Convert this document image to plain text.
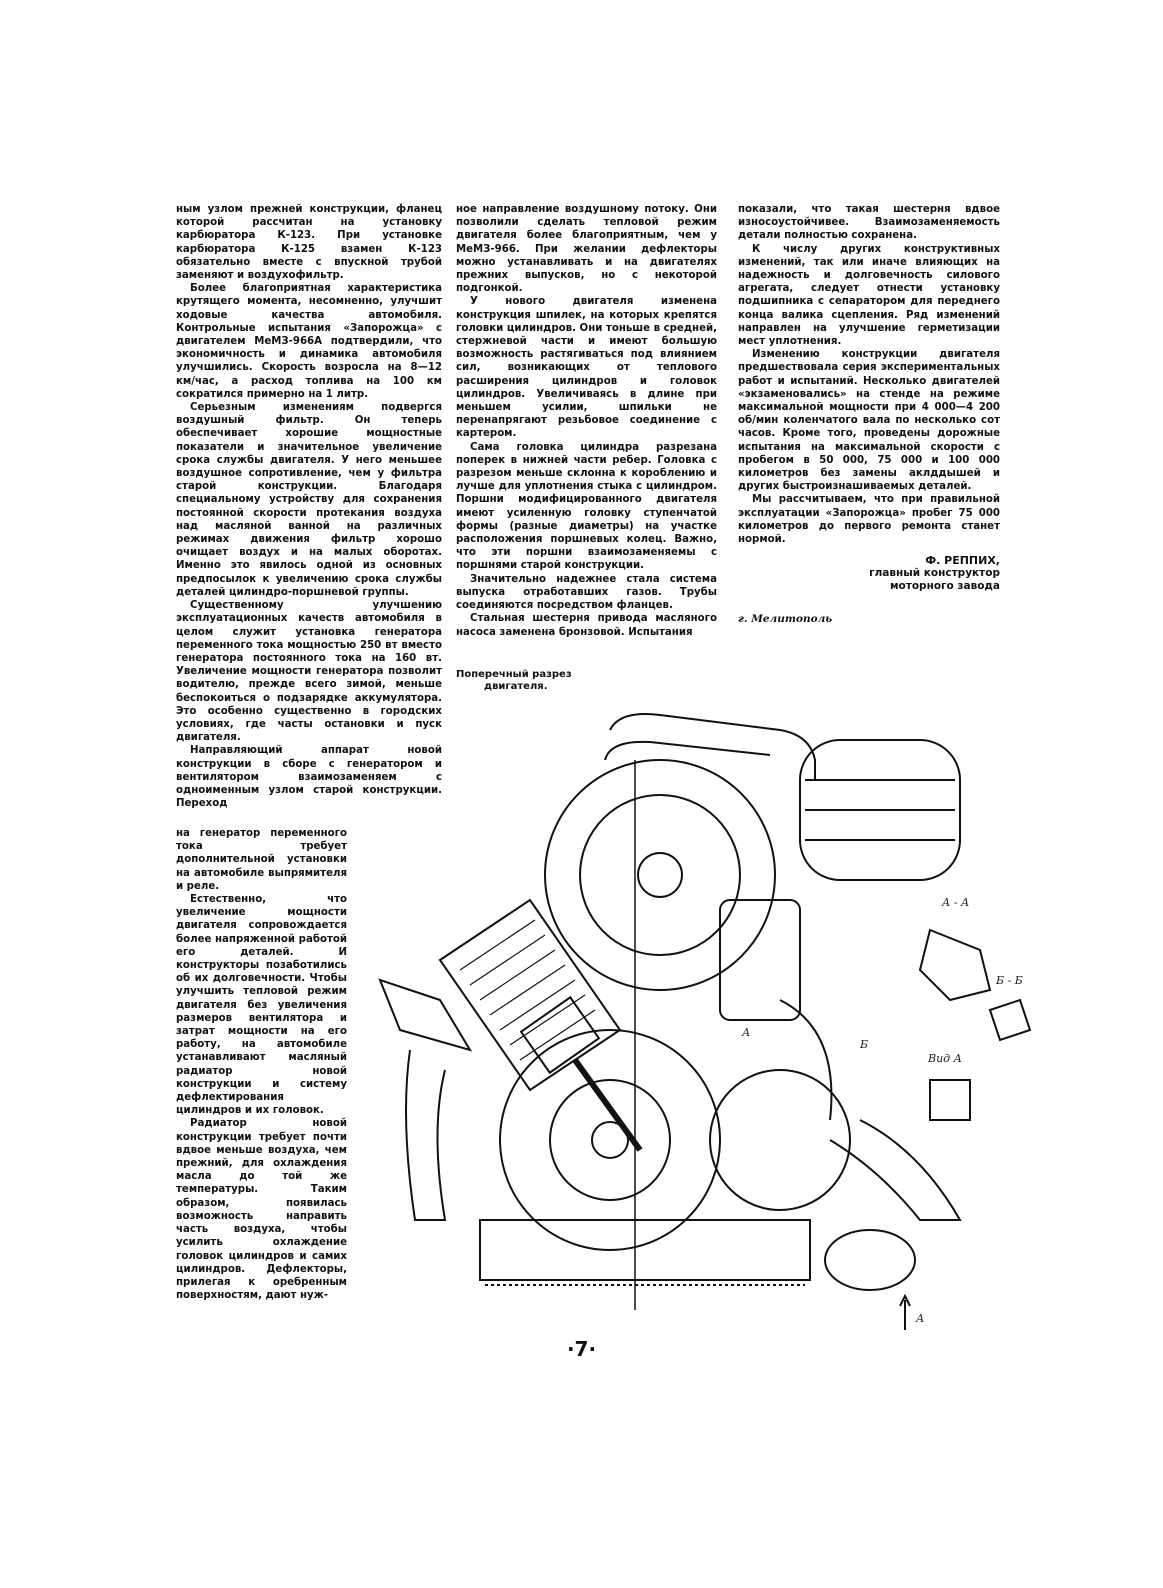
ным узлом прежней конструкции, фланец которой рассчитан на установку карбюратора К-123. При установке карбюратора К-125 взамен К-123 обязательно вместе с впускной трубой заменяют и воздухофильтр.

Более благоприятная характеристика крутящего момента, несомненно, улучшит ходовые качества автомобиля. Контрольные испытания «Запорожца» с двигателем МеМЗ-966А подтвердили, что экономичность и динамика автомобиля улучшились. Скорость возросла на 8—12 км/час, а расход топлива на 100 км сократился примерно на 1 литр.

Серьезным изменениям подвергся воздушный фильтр. Он теперь обеспечивает хорошие мощностные показатели и значительное увеличение срока службы двигателя. У него меньшее воздушное сопротивление, чем у фильтра старой конструкции. Благодаря специальному устройству для сохранения постоянной скорости протекания воздуха над масляной ванной на различных режимах движения фильтр хорошо очищает воздух и на малых оборотах. Именно это явилось одной из основных предпосылок к увеличению срока службы деталей цилиндро-поршневой группы.

Существенному улучшению эксплуатационных качеств автомобиля в целом служит установка генератора переменного тока мощностью 250 вт вместо генератора постоянного тока на 160 вт. Увеличение мощности генератора позволит водителю, прежде всего зимой, меньше беспокоиться о подзарядке аккумулятора. Это особенно существенно в городских условиях, где часты остановки и пуск двигателя.

Направляющий аппарат новой конструкции в сборе с генератором и вентилятором взаимозаменяем с одноименным узлом старой конструкции. Переход

на генератор переменного тока требует дополнительной установки на автомобиле выпрямителя и реле.

Естественно, что увеличение мощности двигателя сопровождается более напряженной работой его деталей. И конструкторы позаботились об их долговечности. Чтобы улучшить тепловой режим двигателя без увеличения размеров вентилятора и затрат мощности на его работу, на автомобиле устанавливают масляный радиатор новой конструкции и систему дефлектирования цилиндров и их головок.

Радиатор новой конструкции требует почти вдвое меньше воздуха, чем прежний, для охлаждения масла до той же температуры. Таким образом, появилась возможность направить часть воздуха, чтобы усилить охлаждение головок цилиндров и самих цилиндров. Дефлекторы, прилегая к оребренным поверхностям, дают нуж-

ное направление воздушному потоку. Они позволили сделать тепловой режим двигателя более благоприятным, чем у МеМЗ-966. При желании дефлекторы можно устанавливать и на двигателях прежних выпусков, но с некоторой подгонкой.

У нового двигателя изменена конструкция шпилек, на которых крепятся головки цилиндров. Они тоньше в средней, стержневой части и имеют большую возможность растягиваться под влиянием сил, возникающих от теплового расширения цилиндров и головок цилиндров. Увеличиваясь в длине при меньшем усилии, шпильки не перенапрягают резьбовое соединение с картером.

Сама головка цилиндра разрезана поперек в нижней части ребер. Головка с разрезом меньше склонна к короблению и лучше для уплотнения стыка с цилиндром. Поршни модифицированного двигателя имеют усиленную головку ступенчатой формы (разные диаметры) на участке расположения поршневых колец. Важно, что эти поршни взаимозаменяемы с поршнями старой конструкции.

Значительно надежнее стала система выпуска отработавших газов. Трубы соединяются посредством фланцев.

Стальная шестерня привода масляного насоса заменена бронзовой. Испытания

показали, что такая шестерня вдвое износоустойчивее. Взаимозаменяемость детали полностью сохранена.

К числу других конструктивных изменений, так или иначе влияющих на надежность и долговечность силового агрегата, следует отнести установку подшипника с сепаратором для переднего конца валика сцепления. Ряд изменений направлен на улучшение герметизации мест уплотнения.

Изменению конструкции двигателя предшествовала серия экспериментальных работ и испытаний. Несколько двигателей «экзаменовались» на стенде на режиме максимальной мощности при 4 000—4 200 об/мин коленчатого вала по несколько сот часов. Кроме того, проведены дорожные испытания на максимальной скорости с пробегом в 50 000, 75 000 и 100 000 километров без замены аклддышей и других быстроизнашиваемых деталей.

Мы рассчитываем, что при правильной эксплуатации «Запорожца» пробег 75 000 километров до первого ремонта станет нормой.

Ф. РЕППИХ,
главный конструктор
моторного завода
г. Мелитополь
Поперечный разрез
двигателя.
А - А
Б - Б
Вид А
А
Б
А
·7·
